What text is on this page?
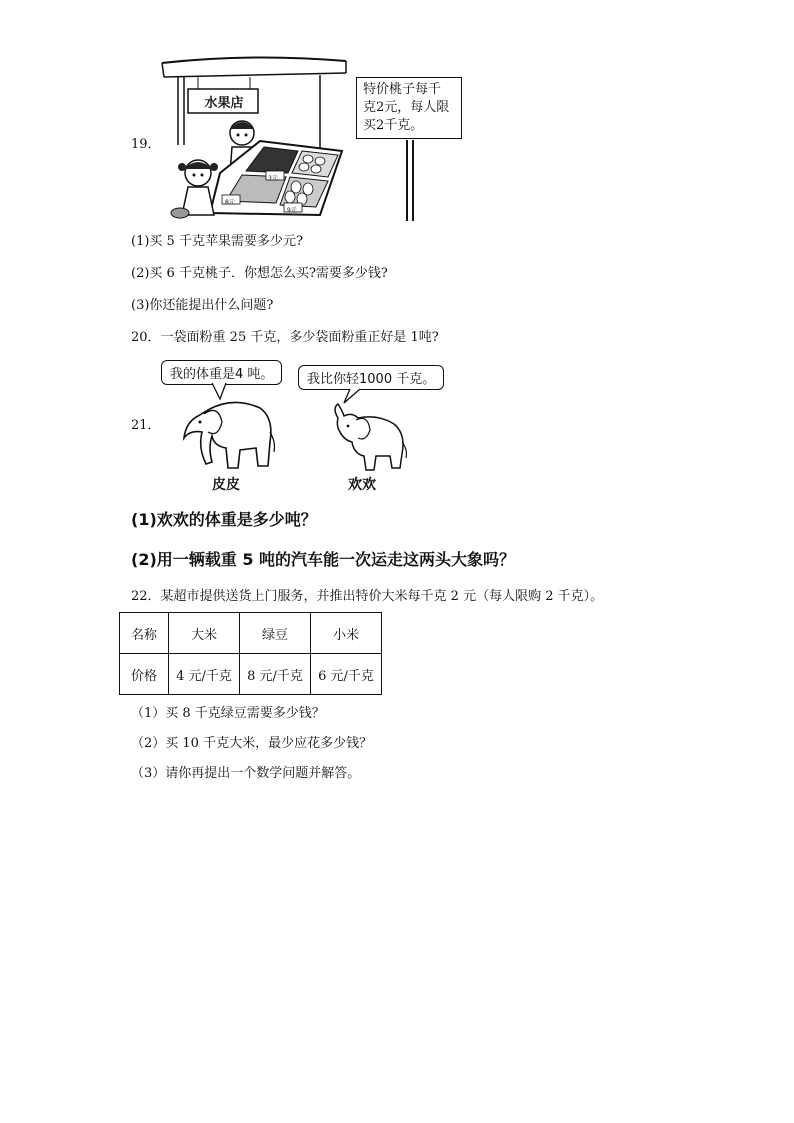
19．
水果店
3元
8元
9元
特价桃子每千
克2元，每人限
买2千克。
(1)买 5 千克苹果需要多少元?
(2)买 6 千克桃子．你想怎么买?需要多少钱?
(3)你还能提出什么问题?
20．一袋面粉重 25 千克，多少袋面粉重正好是 1吨?
21．
我的体重是4 吨。	我比你轻1000 千克。
皮皮	欢欢
(1)欢欢的体重是多少吨？
(2)用一辆载重 5 吨的汽车能一次运走这两头大象吗？
22．某超市提供送货上门服务，并推出特价大米每千克 2 元（每人限购 2 千克）。
名称	大米	绿豆	小米
价格	4 元/千克	8 元/千克	6 元/千克
（1）买 8 千克绿豆需要多少钱？
（2）买 10 千克大米，最少应花多少钱？
（3）请你再提出一个数学问题并解答。
